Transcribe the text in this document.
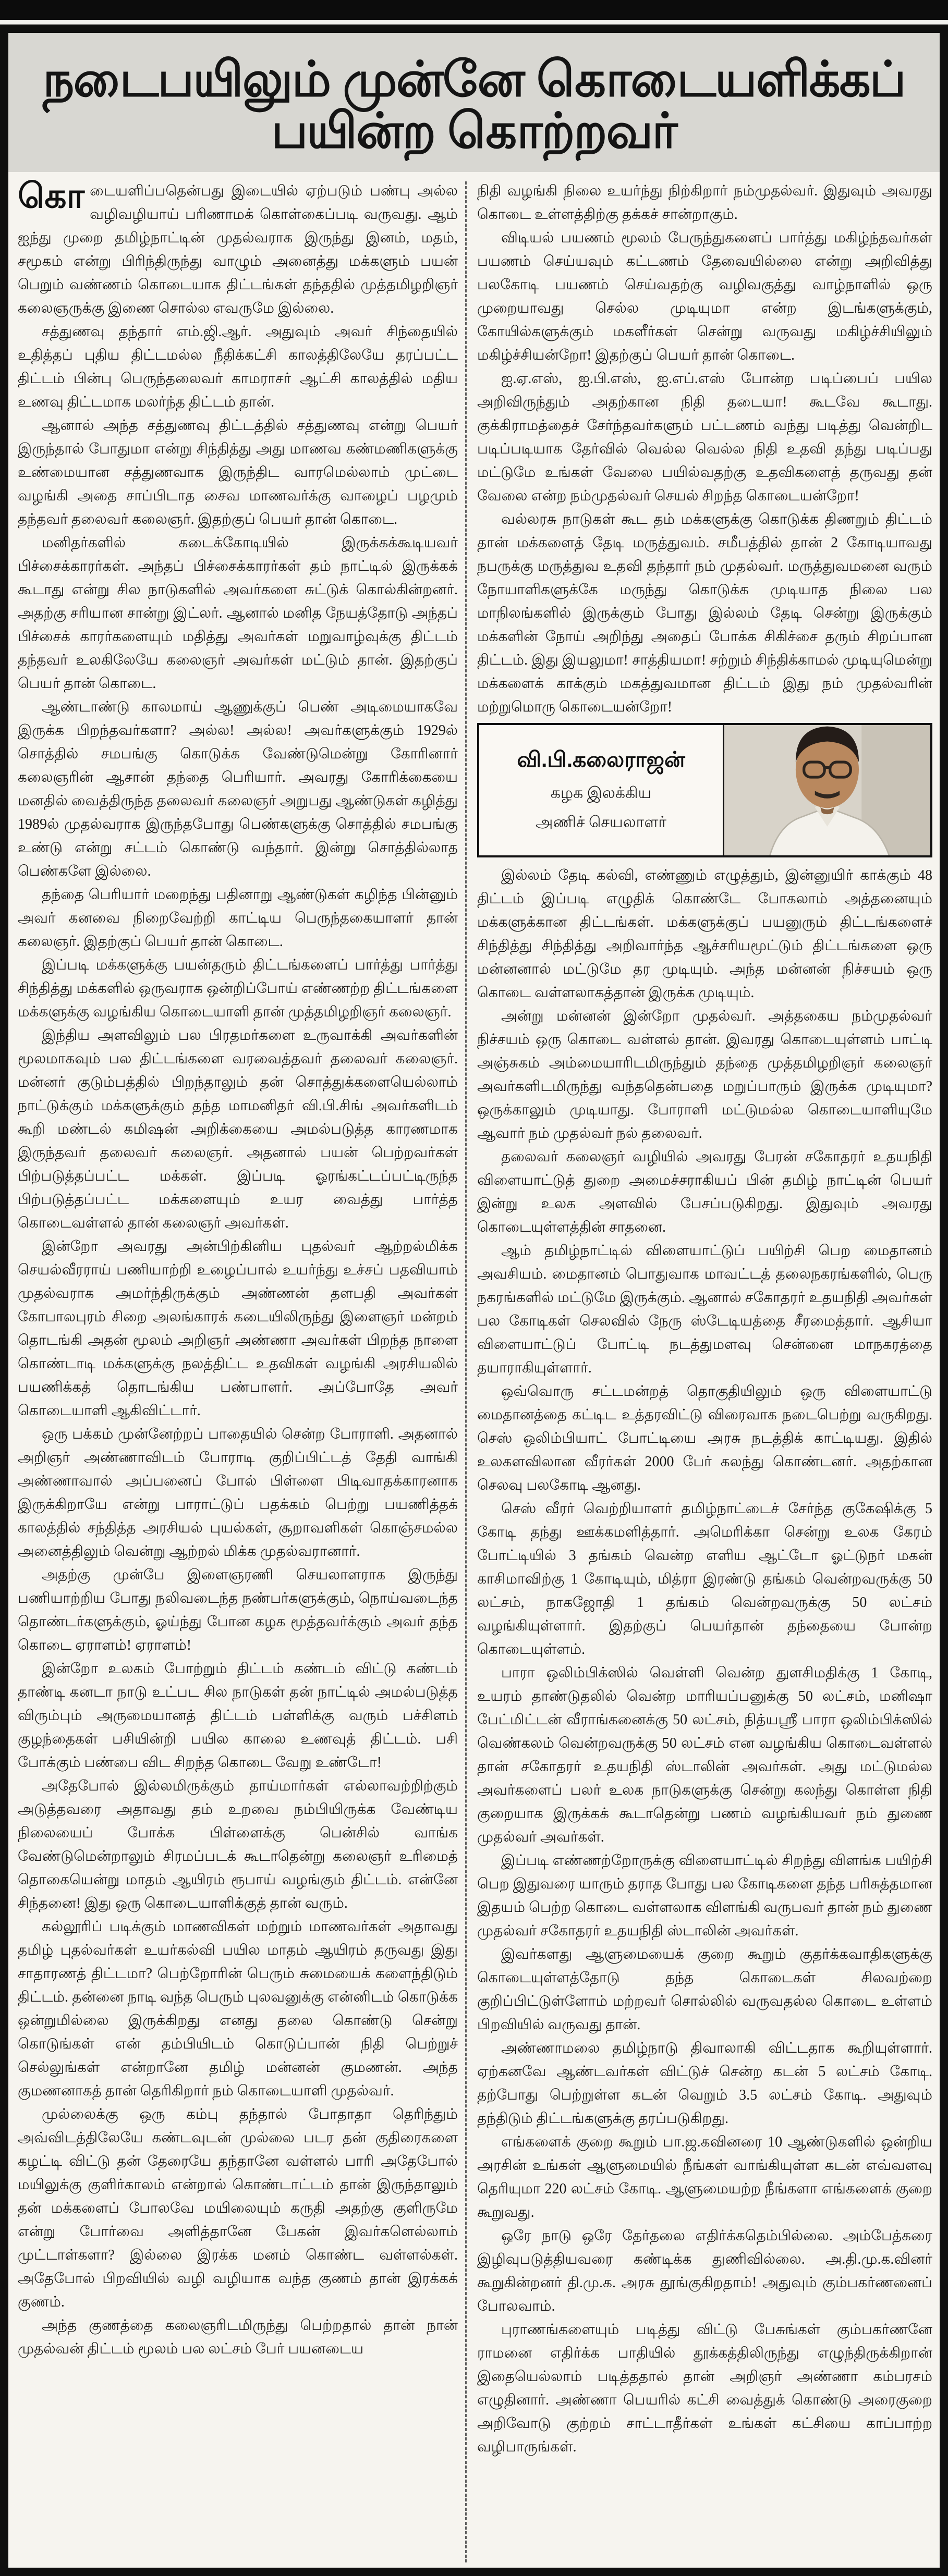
நடைபயிலும் முன்னே கொடையளிக்கப் பயின்ற கொற்றவர்

கொடையளிப்பதென்பது இடையில் ஏற்படும் பண்பு அல்ல வழிவழியாய் பரிணாமக் கொள்கைப்படி வருவது. ஆம் ஐந்து முறை தமிழ்நாட்டின் முதல்வராக இருந்து இனம், மதம், சமூகம் என்று பிரிந்திருந்து வாழும் அனைத்து மக்களும் பயன் பெறும் வண்ணம் கொடையாக திட்டங்கள் தந்ததில் முத்தமிழறிஞர் கலைஞருக்கு இணை சொல்ல எவருமே இல்லை.

சத்துணவு தந்தார் எம்.ஜி.ஆர். அதுவும் அவர் சிந்தையில் உதித்தப் புதிய திட்டமல்ல நீதிக்கட்சி காலத்திலேயே தரப்பட்ட திட்டம் பின்பு பெருந்தலைவர் காமராசர் ஆட்சி காலத்தில் மதிய உணவு திட்டமாக மலர்ந்த திட்டம் தான்.

ஆனால் அந்த சத்துணவு திட்டத்தில் சத்துணவு என்று பெயர் இருந்தால் போதுமா என்று சிந்தித்து அது மாணவ கண்மணிகளுக்கு உண்மையான சத்துணவாக இருந்திட வாரமெல்லாம் முட்டை வழங்கி அதை சாப்பிடாத சைவ மாணவர்க்கு வாழைப் பழமும் தந்தவர் தலைவர் கலைஞர். இதற்குப் பெயர் தான் கொடை.

மனிதர்களில் கடைக்கோடியில் இருக்கக்கூடியவர் பிச்சைக்காரர்கள். அந்தப் பிச்சைக்காரர்கள் தம் நாட்டில் இருக்கக் கூடாது என்று சில நாடுகளில் அவர்களை சுட்டுக் கொல்கின்றனர். அதற்கு சரியான சான்று இட்லர். ஆனால் மனித நேயத்தோடு அந்தப் பிச்சைக் காரர்களையும் மதித்து அவர்கள் மறுவாழ்வுக்கு திட்டம் தந்தவர் உலகிலேயே கலைஞர் அவர்கள் மட்டும் தான். இதற்குப் பெயர் தான் கொடை.

ஆண்டாண்டு காலமாய் ஆணுக்குப் பெண் அடிமையாகவே இருக்க பிறந்தவர்களா? அல்ல! அல்ல! அவர்களுக்கும் 1929ல் சொத்தில் சமபங்கு கொடுக்க வேண்டுமென்று கோரினார் கலைஞரின் ஆசான் தந்தை பெரியார். அவரது கோரிக்கையை மனதில் வைத்திருந்த தலைவர் கலைஞர் அறுபது ஆண்டுகள் கழித்து 1989ல் முதல்வராக இருந்தபோது பெண்களுக்கு சொத்தில் சமபங்கு உண்டு என்று சட்டம் கொண்டு வந்தார். இன்று சொத்தில்லாத பெண்களே இல்லை.

தந்தை பெரியார் மறைந்து பதினாறு ஆண்டுகள் கழிந்த பின்னும் அவர் கனவை நிறைவேற்றி காட்டிய பெருந்தகையாளர் தான் கலைஞர். இதற்குப் பெயர் தான் கொடை.

இப்படி மக்களுக்கு பயன்தரும் திட்டங்களைப் பார்த்து பார்த்து சிந்தித்து மக்களில் ஒருவராக ஒன்றிப்போய் எண்ணற்ற திட்டங்களை மக்களுக்கு வழங்கிய கொடையாளி தான் முத்தமிழறிஞர் கலைஞர்.

இந்திய அளவிலும் பல பிரதமர்களை உருவாக்கி அவர்களின் மூலமாகவும் பல திட்டங்களை வரவைத்தவர் தலைவர் கலைஞர். மன்னர் குடும்பத்தில் பிறந்தாலும் தன் சொத்துக்களையெல்லாம் நாட்டுக்கும் மக்களுக்கும் தந்த மாமனிதர் வி.பி.சிங் அவர்களிடம் கூறி மண்டல் கமிஷன் அறிக்கையை அமல்படுத்த காரணமாக இருந்தவர் தலைவர் கலைஞர். அதனால் பயன் பெற்றவர்கள் பிற்படுத்தப்பட்ட மக்கள். இப்படி ஓரங்கட்டப்பட்டிருந்த பிற்படுத்தப்பட்ட மக்களையும் உயர வைத்து பார்த்த கொடைவள்ளல் தான் கலைஞர் அவர்கள்.

இன்றோ அவரது அன்பிற்கினிய புதல்வர் ஆற்றல்மிக்க செயல்வீரராய் பணியாற்றி உழைப்பால் உயர்ந்து உச்சப் பதவியாம் முதல்வராக அமர்ந்திருக்கும் அண்ணன் தளபதி அவர்கள் கோபாலபுரம் சிறை அலங்காரக் கடையிலிருந்து இளைஞர் மன்றம் தொடங்கி அதன் மூலம் அறிஞர் அண்ணா அவர்கள் பிறந்த நாளை கொண்டாடி மக்களுக்கு நலத்திட்ட உதவிகள் வழங்கி அரசியலில் பயணிக்கத் தொடங்கிய பண்பாளர். அப்போதே அவர் கொடையாளி ஆகிவிட்டார்.

ஒரு பக்கம் முன்னேற்றப் பாதையில் சென்ற போராளி. அதனால் அறிஞர் அண்ணாவிடம் போராடி குறிப்பிட்டத் தேதி வாங்கி அண்ணாவால் அப்பனைப் போல் பிள்ளை பிடிவாதக்காரனாக இருக்கிறாயே என்று பாராட்டுப் பதக்கம் பெற்று பயணித்தக் காலத்தில் சந்தித்த அரசியல் புயல்கள், சூறாவளிகள் கொஞ்சமல்ல அனைத்திலும் வென்று ஆற்றல் மிக்க முதல்வரானார்.

அதற்கு முன்பே இளைஞரணி செயலாளராக இருந்து பணியாற்றிய போது நலிவடைந்த நண்பர்களுக்கும், நொய்வடைந்த தொண்டர்களுக்கும், ஓய்ந்து போன கழக மூத்தவர்க்கும் அவர் தந்த கொடை ஏராளம்! ஏராளம்!

இன்றோ உலகம் போற்றும் திட்டம் கண்டம் விட்டு கண்டம் தாண்டி கனடா நாடு உட்பட சில நாடுகள் தன் நாட்டில் அமல்படுத்த விரும்பும் அருமையானத் திட்டம் பள்ளிக்கு வரும் பச்சிளம் குழந்தைகள் பசியின்றி பயில காலை உணவுத் திட்டம். பசி போக்கும் பண்பை விட சிறந்த கொடை வேறு உண்டோ!

அதேபோல் இல்லமிருக்கும் தாய்மார்கள் எல்லாவற்றிற்கும் அடுத்தவரை அதாவது தம் உறவை நம்பியிருக்க வேண்டிய நிலையைப் போக்க பிள்ளைக்கு பென்சில் வாங்க வேண்டுமென்றாலும் சிரமப்படக் கூடாதென்று கலைஞர் உரிமைத் தொகையென்று மாதம் ஆயிரம் ரூபாய் வழங்கும் திட்டம். என்னே சிந்தனை! இது ஒரு கொடையாளிக்குத் தான் வரும்.

கல்லூரிப் படிக்கும் மாணவிகள் மற்றும் மாணவர்கள் அதாவது தமிழ் புதல்வர்கள் உயர்கல்வி பயில மாதம் ஆயிரம் தருவது இது சாதாரணத் திட்டமா? பெற்றோரின் பெரும் சுமையைக் களைந்திடும் திட்டம். தன்னை நாடி வந்த பெரும் புலவனுக்கு என்னிடம் கொடுக்க ஒன்றுமில்லை இருக்கிறது எனது தலை கொண்டு சென்று கொடுங்கள் என் தம்பியிடம் கொடுப்பான் நிதி பெற்றுச் செல்லுங்கள் என்றானே தமிழ் மன்னன் குமணன். அந்த குமணனாகத் தான் தெரிகிறார் நம் கொடையாளி முதல்வர்.

முல்லைக்கு ஒரு கம்பு தந்தால் போதாதா தெரிந்தும் அவ்விடத்திலேயே கண்டவுடன் முல்லை படர தன் குதிரைகளை கழட்டி விட்டு தன் தேரையே தந்தானே வள்ளல் பாரி அதேபோல் மயிலுக்கு குளிர்காலம் என்றால் கொண்டாட்டம் தான் இருந்தாலும் தன் மக்களைப் போலவே மயிலையும் கருதி அதற்கு குளிருமே என்று போர்வை அளித்தானே பேகன் இவர்களெல்லாம் முட்டாள்களா? இல்லை இரக்க மனம் கொண்ட வள்ளல்கள். அதேபோல் பிறவியில் வழி வழியாக வந்த குணம் தான் இரக்கக் குணம்.

அந்த குணத்தை கலைஞரிடமிருந்து பெற்றதால் தான் நான் முதல்வன் திட்டம் மூலம் பல லட்சம் பேர் பயனடைய

நிதி வழங்கி நிலை உயர்ந்து நிற்கிறார் நம்முதல்வர். இதுவும் அவரது கொடை உள்ளத்திற்கு தக்கச் சான்றாகும்.

விடியல் பயணம் மூலம் பேருந்துகளைப் பார்த்து மகிழ்ந்தவர்கள் பயணம் செய்யவும் கட்டணம் தேவையில்லை என்று அறிவித்து பலகோடி பயணம் செய்வதற்கு வழிவகுத்து வாழ்நாளில் ஒரு முறையாவது செல்ல முடியுமா என்ற இடங்களுக்கும், கோயில்களுக்கும் மகளீர்கள் சென்று வருவது மகிழ்ச்சியிலும் மகிழ்ச்சியன்றோ! இதற்குப் பெயர் தான் கொடை.

ஐ.ஏ.எஸ், ஐ.பி.எஸ், ஐ.எப்.எஸ் போன்ற படிப்பைப் பயில அறிவிருந்தும் அதற்கான நிதி தடையா! கூடவே கூடாது. குக்கிராமத்தைச் சேர்ந்தவர்களும் பட்டணம் வந்து படித்து வென்றிட படிப்படியாக தேர்வில் வெல்ல வெல்ல நிதி உதவி தந்து படிப்பது மட்டுமே உங்கள் வேலை பயில்வதற்கு உதவிகளைத் தருவது தன் வேலை என்ற நம்முதல்வர் செயல் சிறந்த கொடையன்றோ!

வல்லரசு நாடுகள் கூட தம் மக்களுக்கு கொடுக்க திணறும் திட்டம் தான் மக்களைத் தேடி மருத்துவம். சமீபத்தில் தான் 2 கோடியாவது நபருக்கு மருத்துவ உதவி தந்தார் நம் முதல்வர். மருத்துவமனை வரும் நோயாளிகளுக்கே மருந்து கொடுக்க முடியாத நிலை பல மாநிலங்களில் இருக்கும் போது இல்லம் தேடி சென்று இருக்கும் மக்களின் நோய் அறிந்து அதைப் போக்க சிகிச்சை தரும் சிறப்பான திட்டம். இது இயலுமா! சாத்தியமா! சற்றும் சிந்திக்காமல் முடியுமென்று மக்களைக் காக்கும் மகத்துவமான திட்டம் இது நம் முதல்வரின் மற்றுமொரு கொடையன்றோ!

வி.பி.கலைராஜன்
கழக இலக்கிய
அணிச் செயலாளர்

இல்லம் தேடி கல்வி, எண்ணும் எழுத்தும், இன்னுயிர் காக்கும் 48 திட்டம் இப்படி எழுதிக் கொண்டே போகலாம் அத்தனையும் மக்களுக்கான திட்டங்கள். மக்களுக்குப் பயனுரும் திட்டங்களைச் சிந்தித்து சிந்தித்து அறிவார்ந்த ஆச்சரியமூட்டும் திட்டங்களை ஒரு மன்னனால் மட்டுமே தர முடியும். அந்த மன்னன் நிச்சயம் ஒரு கொடை வள்ளலாகத்தான் இருக்க முடியும்.

அன்று மன்னன் இன்றோ முதல்வர். அத்தகைய நம்முதல்வர் நிச்சயம் ஒரு கொடை வள்ளல் தான். இவரது கொடையுள்ளம் பாட்டி அஞ்சுகம் அம்மையாரிடமிருந்தும் தந்தை முத்தமிழறிஞர் கலைஞர் அவர்களிடமிருந்து வந்ததென்பதை மறுப்பாரும் இருக்க முடியுமா? ஒருக்காலும் முடியாது. போராளி மட்டுமல்ல கொடையாளியுமே ஆவார் நம் முதல்வர் நல் தலைவர்.

தலைவர் கலைஞர் வழியில் அவரது பேரன் சகோதரர் உதயநிதி விளையாட்டுத் துறை அமைச்சராகியப் பின் தமிழ் நாட்டின் பெயர் இன்று உலக அளவில் பேசப்படுகிறது. இதுவும் அவரது கொடையுள்ளத்தின் சாதனை.

ஆம் தமிழ்நாட்டில் விளையாட்டுப் பயிற்சி பெற மைதானம் அவசியம். மைதானம் பொதுவாக மாவட்டத் தலைநகரங்களில், பெரு நகரங்களில் மட்டுமே இருக்கும். ஆனால் சகோதரர் உதயநிதி அவர்கள் பல கோடிகள் செலவில் நேரு ஸ்டேடியத்தை சீரமைத்தார். ஆசியா விளையாட்டுப் போட்டி நடத்துமளவு சென்னை மாநகரத்தை தயாராகியுள்ளார்.

ஒவ்வொரு சட்டமன்றத் தொகுதியிலும் ஒரு விளையாட்டு மைதானத்தை கட்டிட உத்தரவிட்டு விரைவாக நடைபெற்று வருகிறது. செஸ் ஒலிம்பியாட் போட்டியை அரசு நடத்திக் காட்டியது. இதில் உலகளவிலான வீரர்கள் 2000 பேர் கலந்து கொண்டனர். அதற்கான செலவு பலகோடி ஆனது.

செஸ் வீரர் வெற்றியாளர் தமிழ்நாட்டைச் சேர்ந்த குகேஷிக்கு 5 கோடி தந்து ஊக்கமளித்தார். அமெரிக்கா சென்று உலக கேரம் போட்டியில் 3 தங்கம் வென்ற எளிய ஆட்டோ ஓட்டுநர் மகன் காசிமாவிற்கு 1 கோடியும், மித்ரா இரண்டு தங்கம் வென்றவருக்கு 50 லட்சம், நாகஜோதி 1 தங்கம் வென்றவருக்கு 50 லட்சம் வழங்கியுள்ளார். இதற்குப் பெயர்தான் தந்தையை போன்ற கொடையுள்ளம்.

பாரா ஒலிம்பிக்ஸில் வெள்ளி வென்ற துளசிமதிக்கு 1 கோடி, உயரம் தாண்டுதலில் வென்ற மாரியப்பனுக்கு 50 லட்சம், மனிஷா பேட்மிட்டன் வீராங்கனைக்கு 50 லட்சம், நித்யஸ்ரீ பாரா ஒலிம்பிக்ஸில் வெண்கலம் வென்றவருக்கு 50 லட்சம் என வழங்கிய கொடைவள்ளல் தான் சகோதரர் உதயநிதி ஸ்டாலின் அவர்கள். அது மட்டுமல்ல அவர்களைப் பலர் உலக நாடுகளுக்கு சென்று கலந்து கொள்ள நிதி குறையாக இருக்கக் கூடாதென்று பணம் வழங்கியவர் நம் துணை முதல்வர் அவர்கள்.

இப்படி எண்ணற்றோருக்கு விளையாட்டில் சிறந்து விளங்க பயிற்சி பெற இதுவரை யாரும் தராத போது பல கோடிகளை தந்த பரிசுத்தமான இதயம் பெற்ற கொடை வள்ளலாக விளங்கி வருபவர் தான் நம் துணை முதல்வர் சகோதரர் உதயநிதி ஸ்டாலின் அவர்கள்.

இவர்களது ஆளுமையைக் குறை கூறும் குதர்க்கவாதிகளுக்கு கொடையுள்ளத்தோடு தந்த கொடைகள் சிலவற்றை குறிப்பிட்டுள்ளோம் மற்றவர் சொல்லில் வருவதல்ல கொடை உள்ளம் பிறவியில் வருவது தான்.

அண்ணாமலை தமிழ்நாடு திவாலாகி விட்டதாக கூறியுள்ளார். ஏற்கனவே ஆண்டவர்கள் விட்டுச் சென்ற கடன் 5 லட்சம் கோடி. தற்போது பெற்றுள்ள கடன் வெறும் 3.5 லட்சம் கோடி. அதுவும் தந்திடும் திட்டங்களுக்கு தரப்படுகிறது.

எங்களைக் குறை கூறும் பா.ஜ.கவினரை 10 ஆண்டுகளில் ஒன்றிய அரசின் உங்கள் ஆளுமையில் நீங்கள் வாங்கியுள்ள கடன் எவ்வளவு தெரியுமா 220 லட்சம் கோடி. ஆளுமையற்ற நீங்களா எங்களைக் குறை கூறுவது.

ஒரே நாடு ஒரே தேர்தலை எதிர்க்கதெம்பில்லை. அம்பேத்கரை இழிவுபடுத்தியவரை கண்டிக்க துணிவில்லை. அ.தி.மு.க.வினர் கூறுகின்றனர் தி.மு.க. அரசு தூங்குகிறதாம்! அதுவும் கும்பகர்ணனைப் போலவாம்.

புராணங்களையும் படித்து விட்டு பேசுங்கள் கும்பகர்ணனே ராமனை எதிர்க்க பாதியில் தூக்கத்திலிருந்து எழுந்திருக்கிறான் இதையெல்லாம் படித்ததால் தான் அறிஞர் அண்ணா கம்பரசம் எழுதினார். அண்ணா பெயரில் கட்சி வைத்துக் கொண்டு அரைகுறை அறிவோடு குற்றம் சாட்டாதீர்கள் உங்கள் கட்சியை காப்பாற்ற வழிபாருங்கள்.
